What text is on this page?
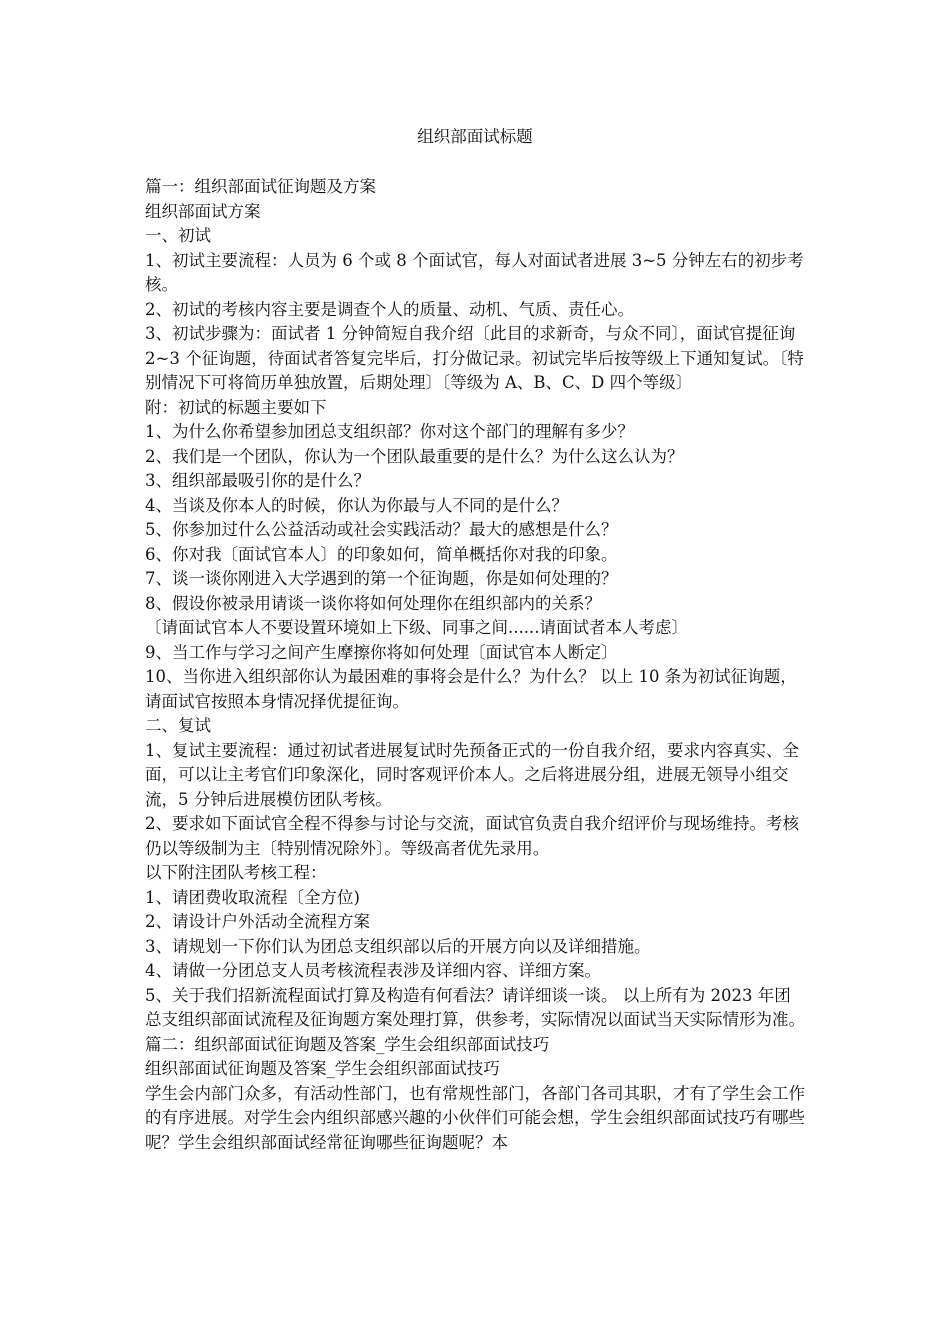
组织部面试标题

篇一：组织部面试征询题及方案

组织部面试方案

一、初试

1、初试主要流程：人员为 6 个或 8 个面试官，每人对面试者进展 3~5 分钟左右的初步考核。

2、初试的考核内容主要是调查个人的质量、动机、气质、责任心。

3、初试步骤为：面试者 1 分钟简短自我介绍〔此目的求新奇，与众不同〕，面试官提征询 2~3 个征询题，待面试者答复完毕后，打分做记录。初试完毕后按等级上下通知复试。〔特别情况下可将简历单独放置，后期处理〕〔等级为 A、B、C、D 四个等级〕

附：初试的标题主要如下

1、为什么你希望参加团总支组织部？你对这个部门的理解有多少？

2、我们是一个团队，你认为一个团队最重要的是什么？为什么这么认为？

3、组织部最吸引你的是什么？

4、当谈及你本人的时候，你认为你最与人不同的是什么？

5、你参加过什么公益活动或社会实践活动？最大的感想是什么？

6、你对我〔面试官本人〕的印象如何，简单概括你对我的印象。

7、谈一谈你刚进入大学遇到的第一个征询题，你是如何处理的？

8、假设你被录用请谈一谈你将如何处理你在组织部内的关系？

〔请面试官本人不要设置环境如上下级、同事之间......请面试者本人考虑〕

9、当工作与学习之间产生摩擦你将如何处理〔面试官本人断定〕

10、当你进入组织部你认为最困难的事将会是什么？为什么？ 以上 10 条为初试征询题，请面试官按照本身情况择优提征询。

二、复试

1、复试主要流程：通过初试者进展复试时先预备正式的一份自我介绍，要求内容真实、全面，可以让主考官们印象深化，同时客观评价本人。之后将进展分组，进展无领导小组交流，5 分钟后进展模仿团队考核。

2、要求如下面试官全程不得参与讨论与交流，面试官负责自我介绍评价与现场维持。考核仍以等级制为主〔特别情况除外〕。等级高者优先录用。

以下附注团队考核工程：

1、请团费收取流程〔全方位)

2、请设计户外活动全流程方案

3、请规划一下你们认为团总支组织部以后的开展方向以及详细措施。

4、请做一分团总支人员考核流程表涉及详细内容、详细方案。

5、关于我们招新流程面试打算及构造有何看法？请详细谈一谈。 以上所有为 2023 年团总支组织部面试流程及征询题方案处理打算，供参考，实际情况以面试当天实际情形为准。

篇二：组织部面试征询题及答案_学生会组织部面试技巧

组织部面试征询题及答案_学生会组织部面试技巧

学生会内部门众多，有活动性部门，也有常规性部门，各部门各司其职，才有了学生会工作的有序进展。对学生会内组织部感兴趣的小伙伴们可能会想，学生会组织部面试技巧有哪些呢？学生会组织部面试经常征询哪些征询题呢？本
